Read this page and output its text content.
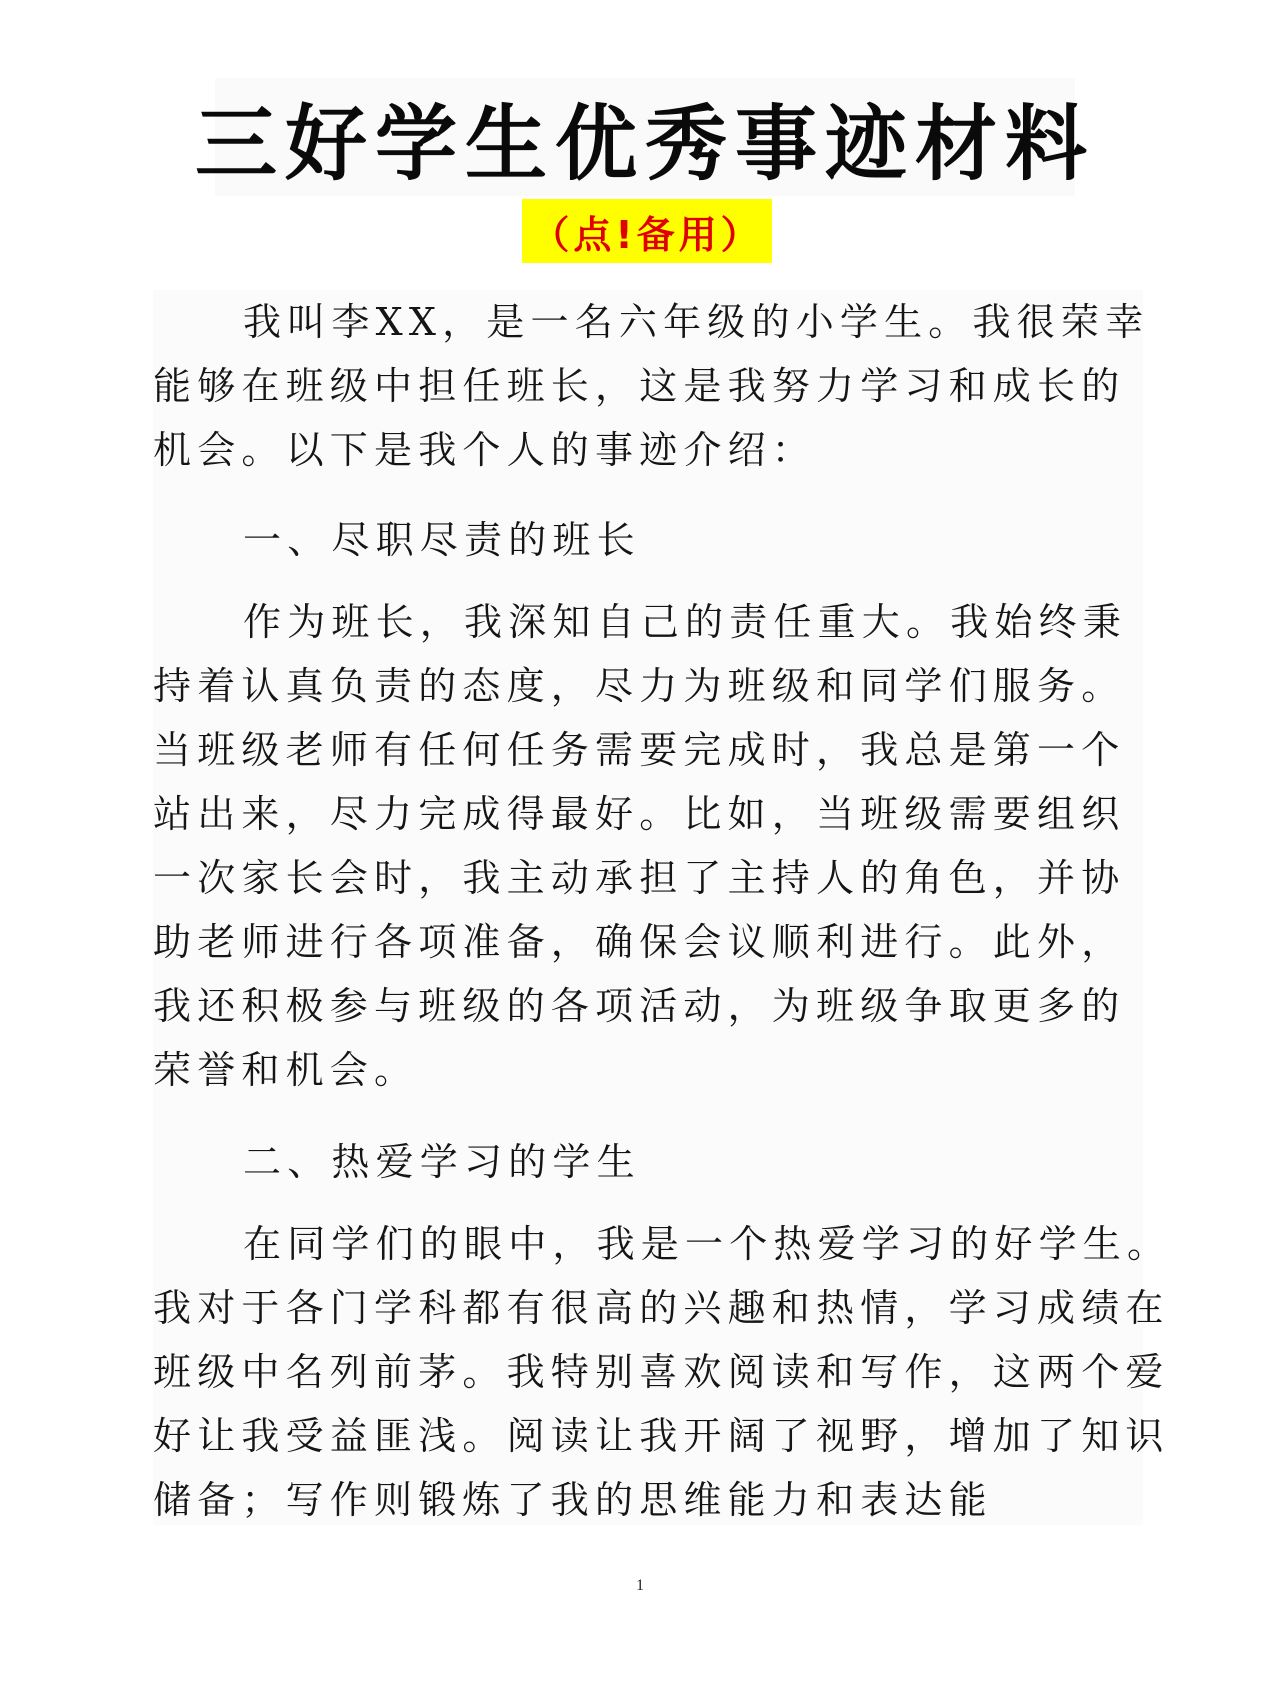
三好学生优秀事迹材料
（点!备用）

我叫李XX，是一名六年级的小学生。我很荣幸能够在班级中担任班长，这是我努力学习和成长的机会。以下是我个人的事迹介绍：

一、尽职尽责的班长

作为班长，我深知自己的责任重大。我始终秉持着认真负责的态度，尽力为班级和同学们服务。当班级老师有任何任务需要完成时，我总是第一个站出来，尽力完成得最好。比如，当班级需要组织一次家长会时，我主动承担了主持人的角色，并协助老师进行各项准备，确保会议顺利进行。此外，我还积极参与班级的各项活动，为班级争取更多的荣誉和机会。

二、热爱学习的学生

在同学们的眼中，我是一个热爱学习的好学生。我对于各门学科都有很高的兴趣和热情，学习成绩在班级中名列前茅。我特别喜欢阅读和写作，这两个爱好让我受益匪浅。阅读让我开阔了视野，增加了知识储备；写作则锻炼了我的思维能力和表达能

1
